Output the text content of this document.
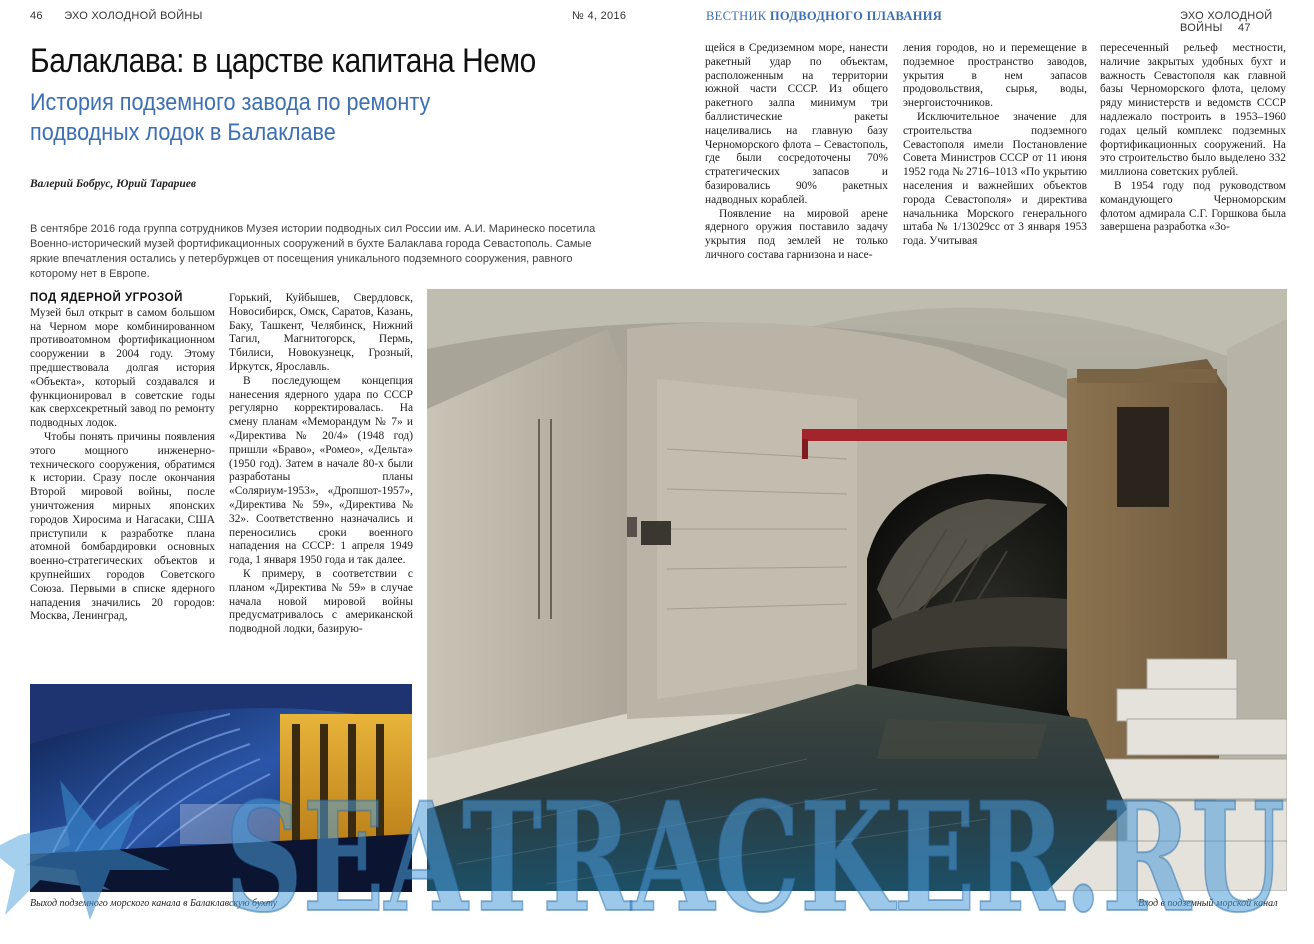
46 ЭХО ХОЛОДНОЙ ВОЙНЫ	№ 4, 2016	ВЕСТНИК ПОДВОДНОГО ПЛАВАНИЯ	ЭХО ХОЛОДНОЙ ВОЙНЫ 47
Балаклава: в царстве капитана Немо
История подземного завода по ремонту подводных лодок в Балаклаве
Валерий Бобрус, Юрий Тарариев

В сентябре 2016 года группа сотрудников Музея истории подводных сил России им. А.И. Маринеско посетила Военно-исторический музей фортификационных сооружений в бухте Балаклава города Севастополь. Самые яркие впечатления остались у петербуржцев от посещения уникального подземного сооружения, равного которому нет в Европе.

ПОД ЯДЕРНОЙ УГРОЗОЙ

Музей был открыт в самом большом на Черном море комбинированном противоатомном фортификационном сооружении в 2004 году. Этому предшествовала долгая история «Объекта», который создавался и функционировал в советские годы как сверхсекретный завод по ремонту подводных лодок.

Чтобы понять причины появления этого мощного инженерно-технического сооружения, обратимся к истории. Сразу после окончания Второй мировой войны, после уничтожения мирных японских городов Хиросима и Нагасаки, США приступили к разработке плана атомной бомбардировки основных военно-стратегических объектов и крупнейших городов Советского Союза. Первыми в списке ядерного нападения значились 20 городов: Москва, Ленинград,

Горький, Куйбышев, Свердловск, Новосибирск, Омск, Саратов, Казань, Баку, Ташкент, Челябинск, Нижний Тагил, Магнитогорск, Пермь, Тбилиси, Новокузнецк, Грозный, Иркутск, Ярославль.

В последующем концепция нанесения ядерного удара по СССР регулярно корректировалась. На смену планам «Меморандум № 7» и «Директива № 20/4» (1948 год) пришли «Браво», «Ромео», «Дельта» (1950 год). Затем в начале 80-х были разработаны планы «Соляриум-1953», «Дропшот-1957», «Директива № 59», «Директива № 32». Соответственно назначались и переносились сроки военного нападения на СССР: 1 апреля 1949 года, 1 января 1950 года и так далее.

К примеру, в соответствии с планом «Директива № 59» в случае начала новой мировой войны предусматривалось с американской подводной лодки, базирую-

щейся в Средиземном море, нанести ракетный удар по объектам, расположенным на территории южной части СССР. Из общего ракетного залпа минимум три баллистические ракеты нацеливались на главную базу Черноморского флота – Севастополь, где были сосредоточены 70% стратегических запасов и базировались 90% ракетных надводных кораблей.

Появление на мировой арене ядерного оружия поставило задачу укрытия под землей не только личного состава гарнизона и насе-

ления городов, но и перемещение в подземное пространство заводов, укрытия в нем запасов продовольствия, сырья, воды, энергоисточников.

Исключительное значение для строительства подземного Севастополя имели Постановление Совета Министров СССР от 11 июня 1952 года № 2716–1013 «По укрытию населения и важнейших объектов города Севастополя» и директива начальника Морского генерального штаба № 1/13029сс от 3 января 1953 года. Учитывая

пересеченный рельеф местности, наличие закрытых удобных бухт и важность Севастополя как главной базы Черноморского флота, целому ряду министерств и ведомств СССР надлежало построить в 1953–1960 годах целый комплекс подземных фортификационных сооружений. На это строительство было выделено 332 миллиона советских рублей.

В 1954 году под руководством командующего Черноморским флотом адмирала С.Г. Горшкова была завершена разработка «Зо-

Выход подземного морского канала в Балаклавскую бухту	Вход в подземный морской канал
SEATRACKER.RU
